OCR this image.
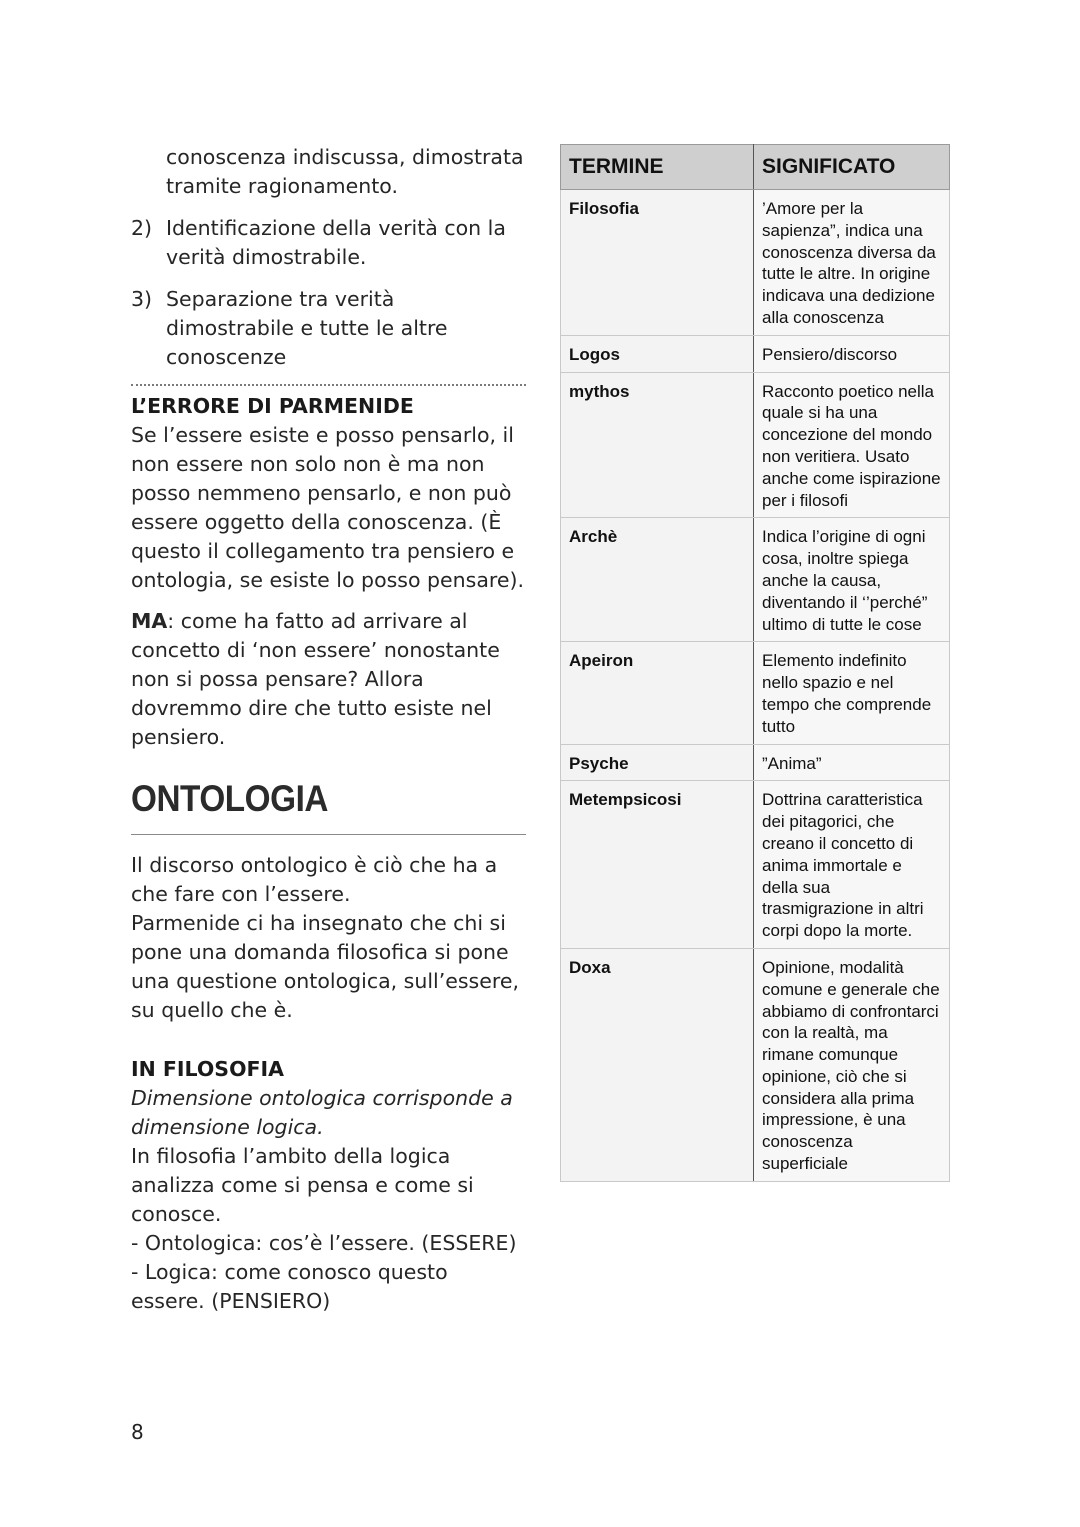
conoscenza indiscussa, dimostrata tramite ragionamento.

2) Identificazione della verità con la verità dimostrabile.
3) Separazione tra verità dimostrabile e tutte le altre conoscenze

L’ERRORE DI PARMENIDE

Se l’essere esiste e posso pensarlo, il non essere non solo non è ma non posso nemmeno pensarlo, e non può essere oggetto della conoscenza. (È questo il collegamento tra pensiero e ontologia, se esiste lo posso pensare).

MA: come ha fatto ad arrivare al concetto di ‘non essere’ nonostante non si possa pensare? Allora dovremmo dire che tutto esiste nel pensiero.

ONTOLOGIA

Il discorso ontologico è ciò che ha a che fare con l’essere.

Parmenide ci ha insegnato che chi si pone una domanda filosofica si pone una questione ontologica, sull’essere, su quello che è.

IN FILOSOFIA

Dimensione ontologica corrisponde a dimensione logica.

In filosofia l’ambito della logica analizza come si pensa e come si conosce.

- Ontologica: cos’è l’essere. (ESSERE)

- Logica: come conosco questo essere. (PENSIERO)

TERMINE	SIGNIFICATO
Filosofia	’Amore per la sapienza”, indica una conoscenza diversa da tutte le altre. In origine indicava una dedizione alla conoscenza
Logos	Pensiero/discorso
mythos	Racconto poetico nella quale si ha una concezione del mondo non veritiera. Usato anche come ispirazione per i filosofi
Archè	Indica l’origine di ogni cosa, inoltre spiega anche la causa, diventando il ‘’perché” ultimo di tutte le cose
Apeiron	Elemento indefinito nello spazio e nel tempo che comprende tutto
Psyche	”Anima”
Metempsicosi	Dottrina caratteristica dei pitagorici, che creano il concetto di anima immortale e della sua trasmigrazione in altri corpi dopo la morte.
Doxa	Opinione, modalità comune e generale che abbiamo di confrontarci con la realtà, ma rimane comunque opinione, ciò che si considera alla prima impressione, è una conoscenza superficiale
8
